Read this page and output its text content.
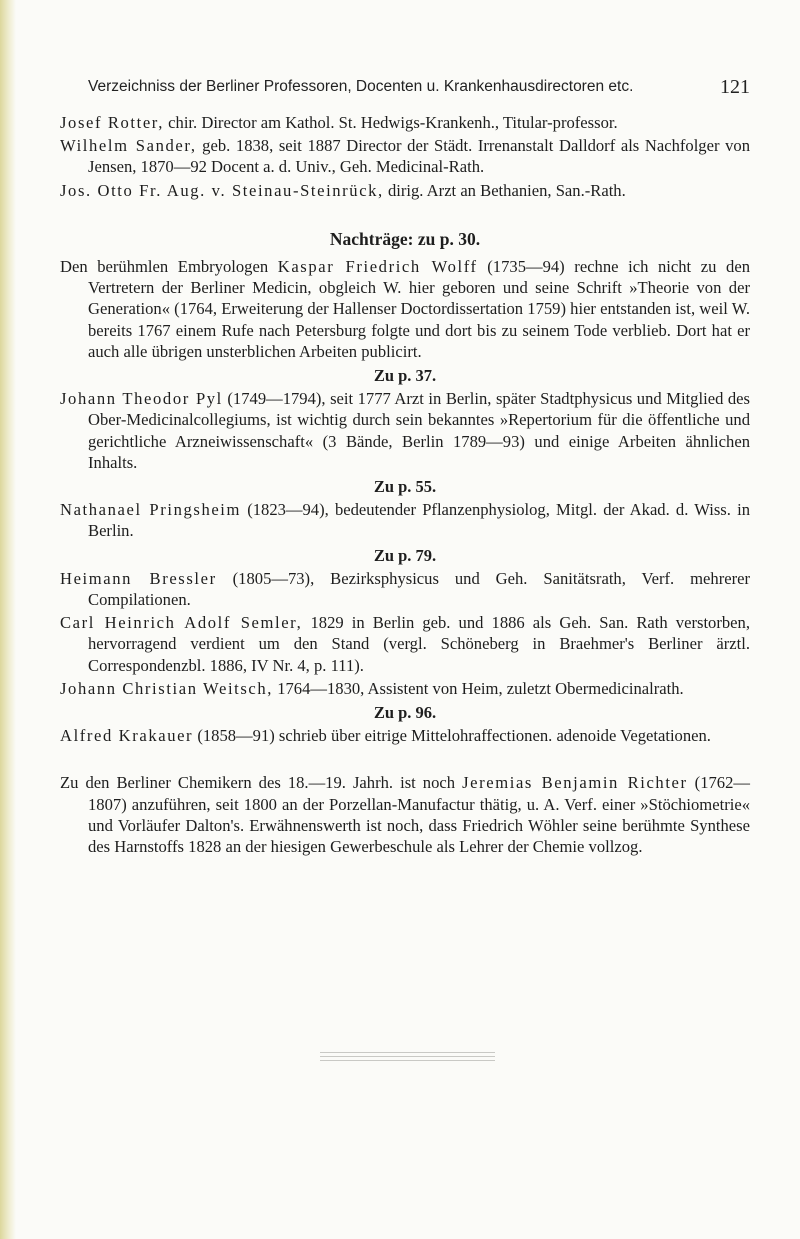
Verzeichniss der Berliner Professoren, Docenten u. Krankenhausdirectoren etc.	121

Josef Rotter, chir. Director am Kathol. St. Hedwigs-Krankenh., Titular-professor.

Wilhelm Sander, geb. 1838, seit 1887 Director der Städt. Irrenanstalt Dalldorf als Nachfolger von Jensen, 1870—92 Docent a. d. Univ., Geh. Medicinal-Rath.

Jos. Otto Fr. Aug. v. Steinau-Steinrück, dirig. Arzt an Bethanien, San.-Rath.

Nachträge: zu p. 30.

Den berühmlen Embryologen Kaspar Friedrich Wolff (1735—94) rechne ich nicht zu den Vertretern der Berliner Medicin, obgleich W. hier geboren und seine Schrift »Theorie von der Generation« (1764, Erweiterung der Hallenser Doctordissertation 1759) hier entstanden ist, weil W. bereits 1767 einem Rufe nach Petersburg folgte und dort bis zu seinem Tode verblieb. Dort hat er auch alle übrigen unsterblichen Arbeiten publicirt.

Zu p. 37.

Johann Theodor Pyl (1749—1794), seit 1777 Arzt in Berlin, später Stadtphysicus und Mitglied des Ober-Medicinalcollegiums, ist wichtig durch sein bekanntes »Repertorium für die öffentliche und gerichtliche Arzneiwissenschaft« (3 Bände, Berlin 1789—93) und einige Arbeiten ähnlichen Inhalts.

Zu p. 55.

Nathanael Pringsheim (1823—94), bedeutender Pflanzenphysiolog, Mitgl. der Akad. d. Wiss. in Berlin.

Zu p. 79.

Heimann Bressler (1805—73), Bezirksphysicus und Geh. Sanitätsrath, Verf. mehrerer Compilationen.

Carl Heinrich Adolf Semler, 1829 in Berlin geb. und 1886 als Geh. San. Rath verstorben, hervorragend verdient um den Stand (vergl. Schöneberg in Braehmer's Berliner ärztl. Correspondenzbl. 1886, IV Nr. 4, p. 111).

Johann Christian Weitsch, 1764—1830, Assistent von Heim, zuletzt Obermedicinalrath.

Zu p. 96.

Alfred Krakauer (1858—91) schrieb über eitrige Mittelohraffectionen. adenoide Vegetationen.

Zu den Berliner Chemikern des 18.—19. Jahrh. ist noch Jeremias Benjamin Richter (1762—1807) anzuführen, seit 1800 an der Porzellan-Manufactur thätig, u. A. Verf. einer »Stöchiometrie« und Vorläufer Dalton's. Erwähnenswerth ist noch, dass Friedrich Wöhler seine berühmte Synthese des Harnstoffs 1828 an der hiesigen Gewerbeschule als Lehrer der Chemie vollzog.
